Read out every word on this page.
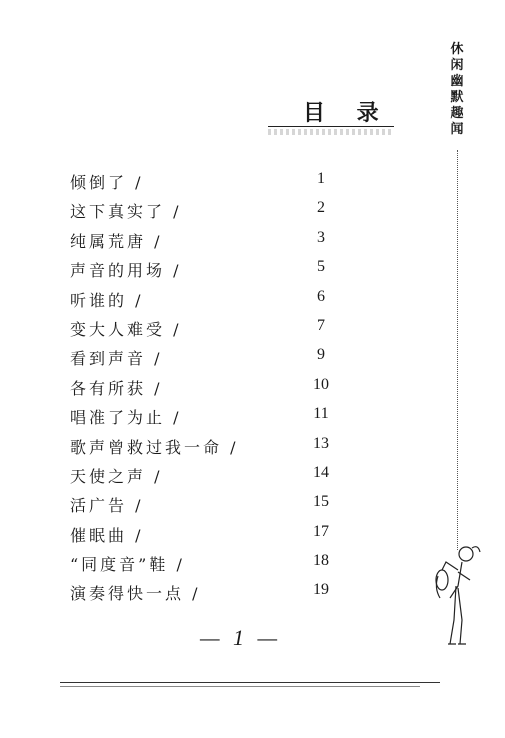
目 录
休闲幽默趣闻
倾倒了 /	1
这下真实了 /	2
纯属荒唐 /	3
声音的用场 /	5
听谁的 /	6
变大人难受 /	7
看到声音 /	9
各有所获 /	10
唱准了为止 /	11
歌声曾救过我一命 /	13
天使之声 /	14
活广告 /	15
催眠曲 /	17
“同度音”鞋 /	18
演奏得快一点 /	19
— 1 —
